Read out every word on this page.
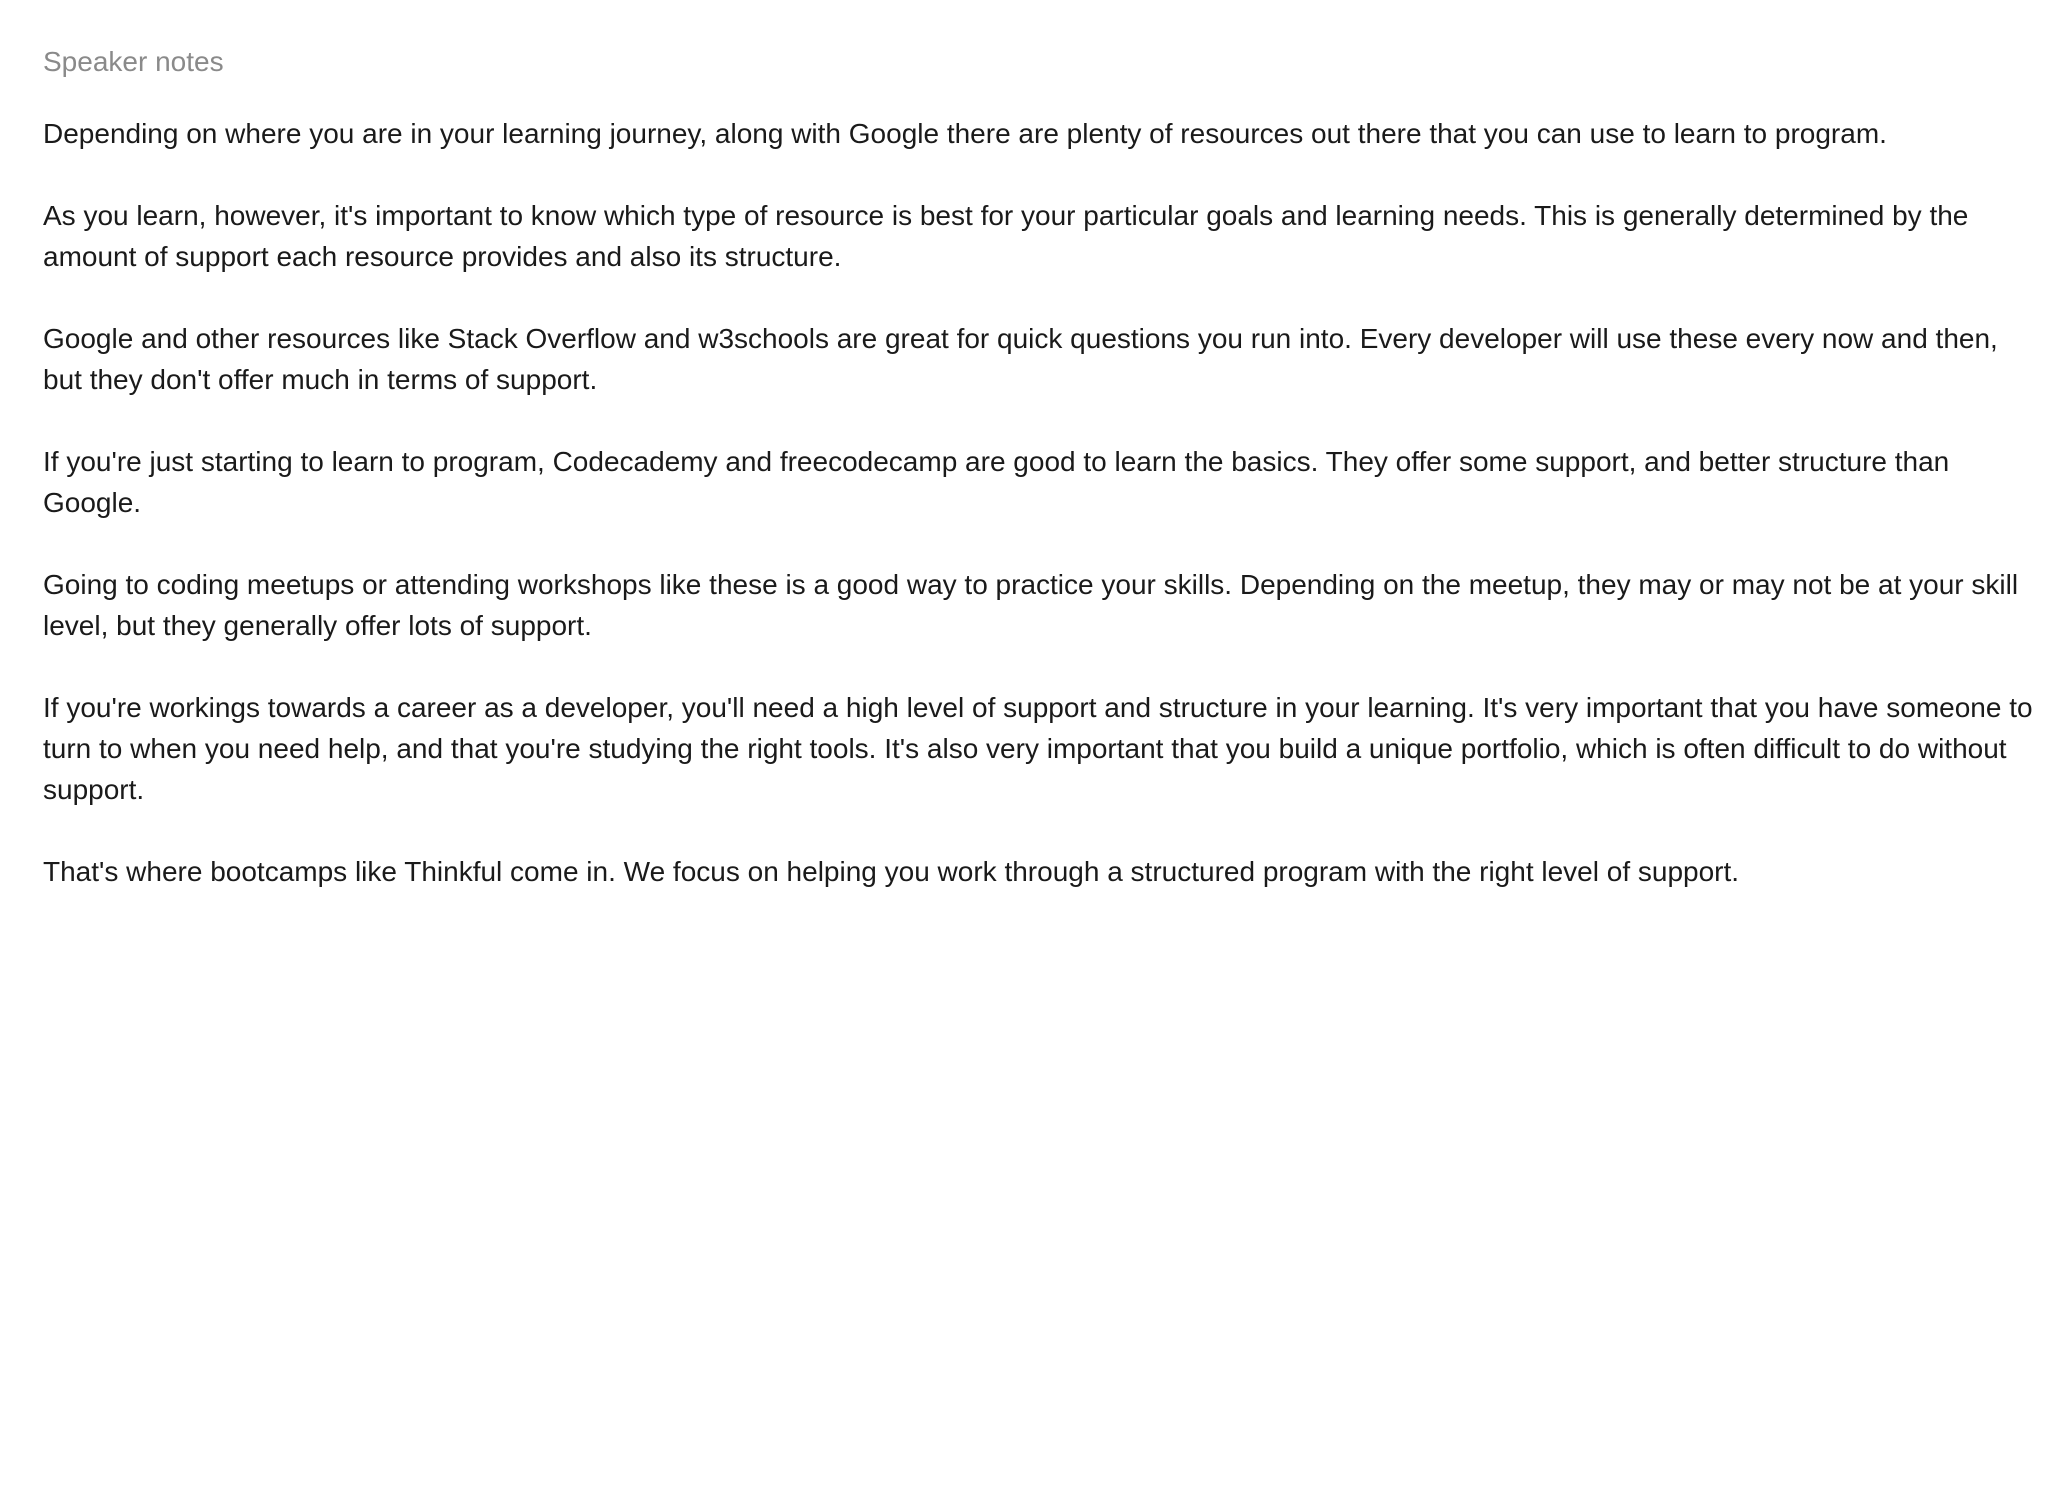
Speaker notes

Depending on where you are in your learning journey, along with Google there are plenty of resources out there that you can use to learn to program.

As you learn, however, it's important to know which type of resource is best for your particular goals and learning needs. This is generally determined by the amount of support each resource provides and also its structure.

Google and other resources like Stack Overflow and w3schools are great for quick questions you run into. Every developer will use these every now and then, but they don't offer much in terms of support.

If you're just starting to learn to program, Codecademy and freecodecamp are good to learn the basics. They offer some support, and better structure than Google.

Going to coding meetups or attending workshops like these is a good way to practice your skills. Depending on the meetup, they may or may not be at your skill level, but they generally offer lots of support.

If you're workings towards a career as a developer, you'll need a high level of support and structure in your learning. It's very important that you have someone to turn to when you need help, and that you're studying the right tools. It's also very important that you build a unique portfolio, which is often difficult to do without support.

That's where bootcamps like Thinkful come in. We focus on helping you work through a structured program with the right level of support.
